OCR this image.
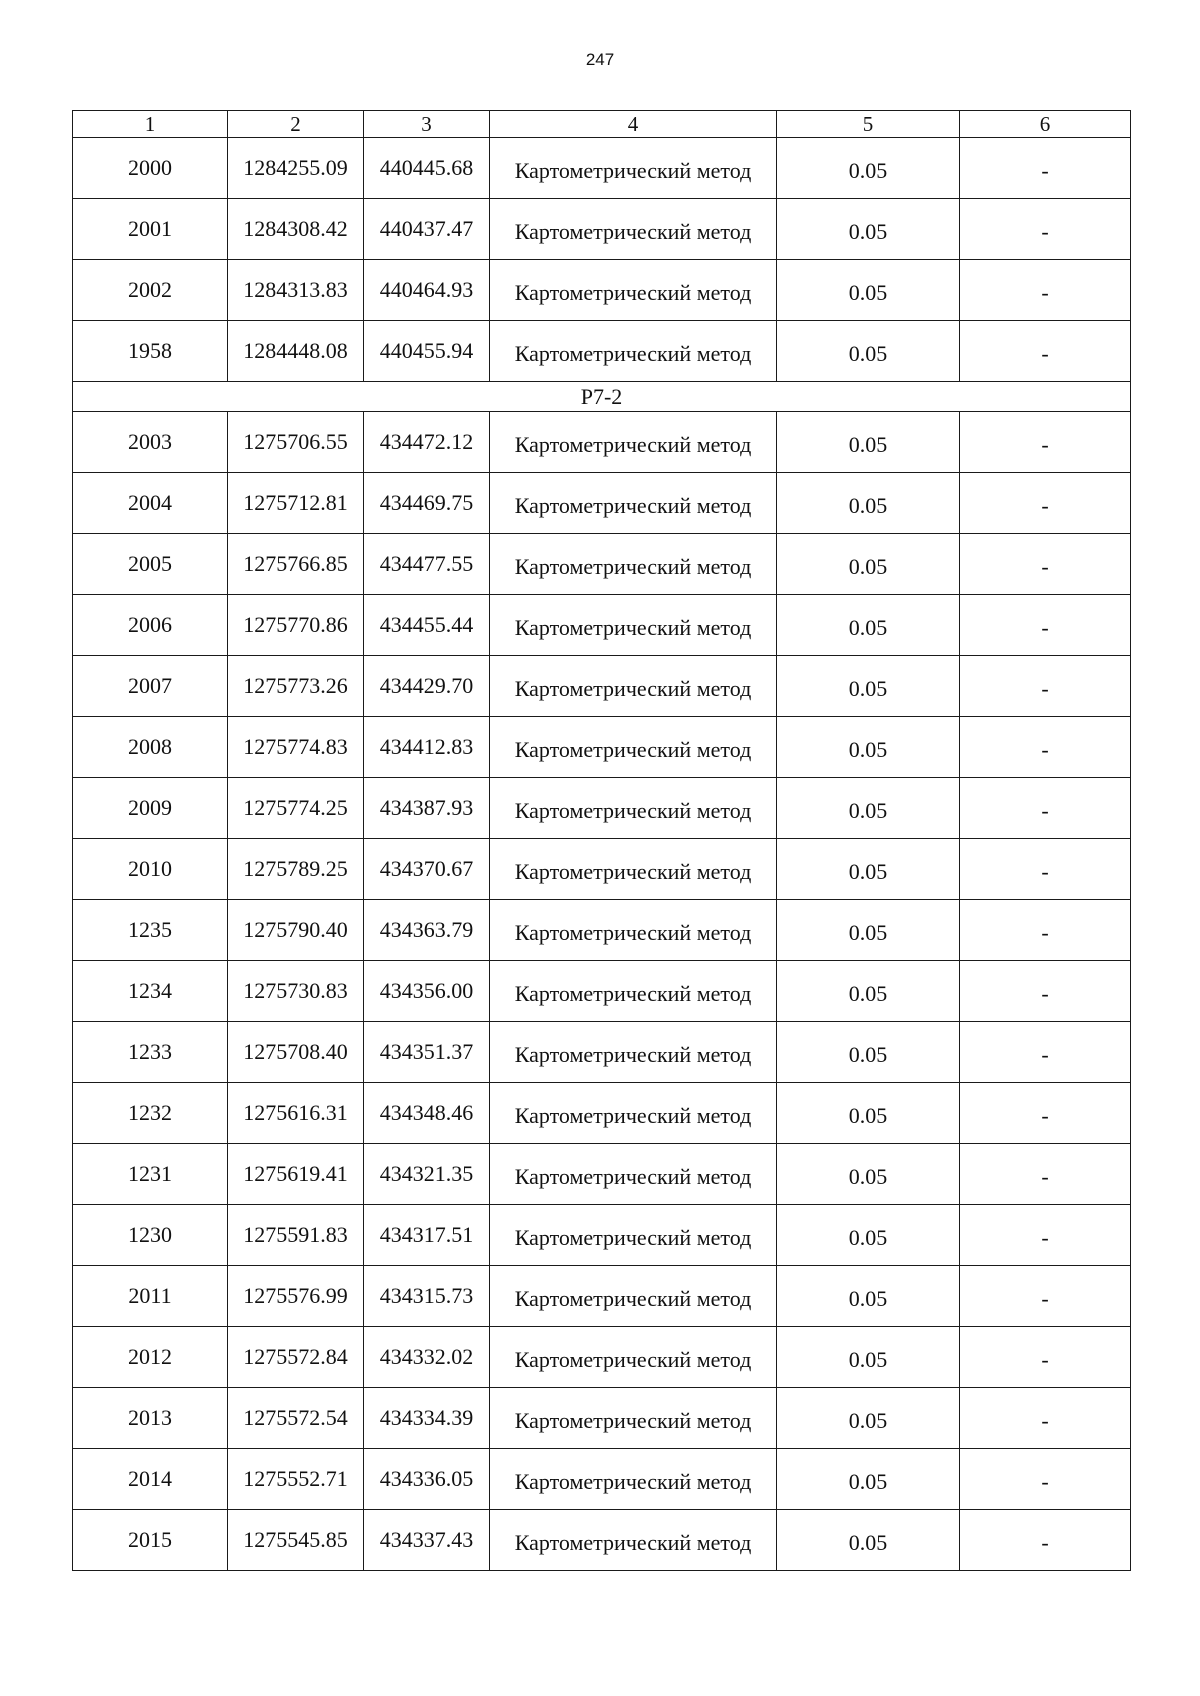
247
1	2	3	4	5	6
2000	1284255.09	440445.68	Картометрический метод	0.05	-
2001	1284308.42	440437.47	Картометрический метод	0.05	-
2002	1284313.83	440464.93	Картометрический метод	0.05	-
1958	1284448.08	440455.94	Картометрический метод	0.05	-
Р7-2					
2003	1275706.55	434472.12	Картометрический метод	0.05	-
2004	1275712.81	434469.75	Картометрический метод	0.05	-
2005	1275766.85	434477.55	Картометрический метод	0.05	-
2006	1275770.86	434455.44	Картометрический метод	0.05	-
2007	1275773.26	434429.70	Картометрический метод	0.05	-
2008	1275774.83	434412.83	Картометрический метод	0.05	-
2009	1275774.25	434387.93	Картометрический метод	0.05	-
2010	1275789.25	434370.67	Картометрический метод	0.05	-
1235	1275790.40	434363.79	Картометрический метод	0.05	-
1234	1275730.83	434356.00	Картометрический метод	0.05	-
1233	1275708.40	434351.37	Картометрический метод	0.05	-
1232	1275616.31	434348.46	Картометрический метод	0.05	-
1231	1275619.41	434321.35	Картометрический метод	0.05	-
1230	1275591.83	434317.51	Картометрический метод	0.05	-
2011	1275576.99	434315.73	Картометрический метод	0.05	-
2012	1275572.84	434332.02	Картометрический метод	0.05	-
2013	1275572.54	434334.39	Картометрический метод	0.05	-
2014	1275552.71	434336.05	Картометрический метод	0.05	-
2015	1275545.85	434337.43	Картометрический метод	0.05	-
